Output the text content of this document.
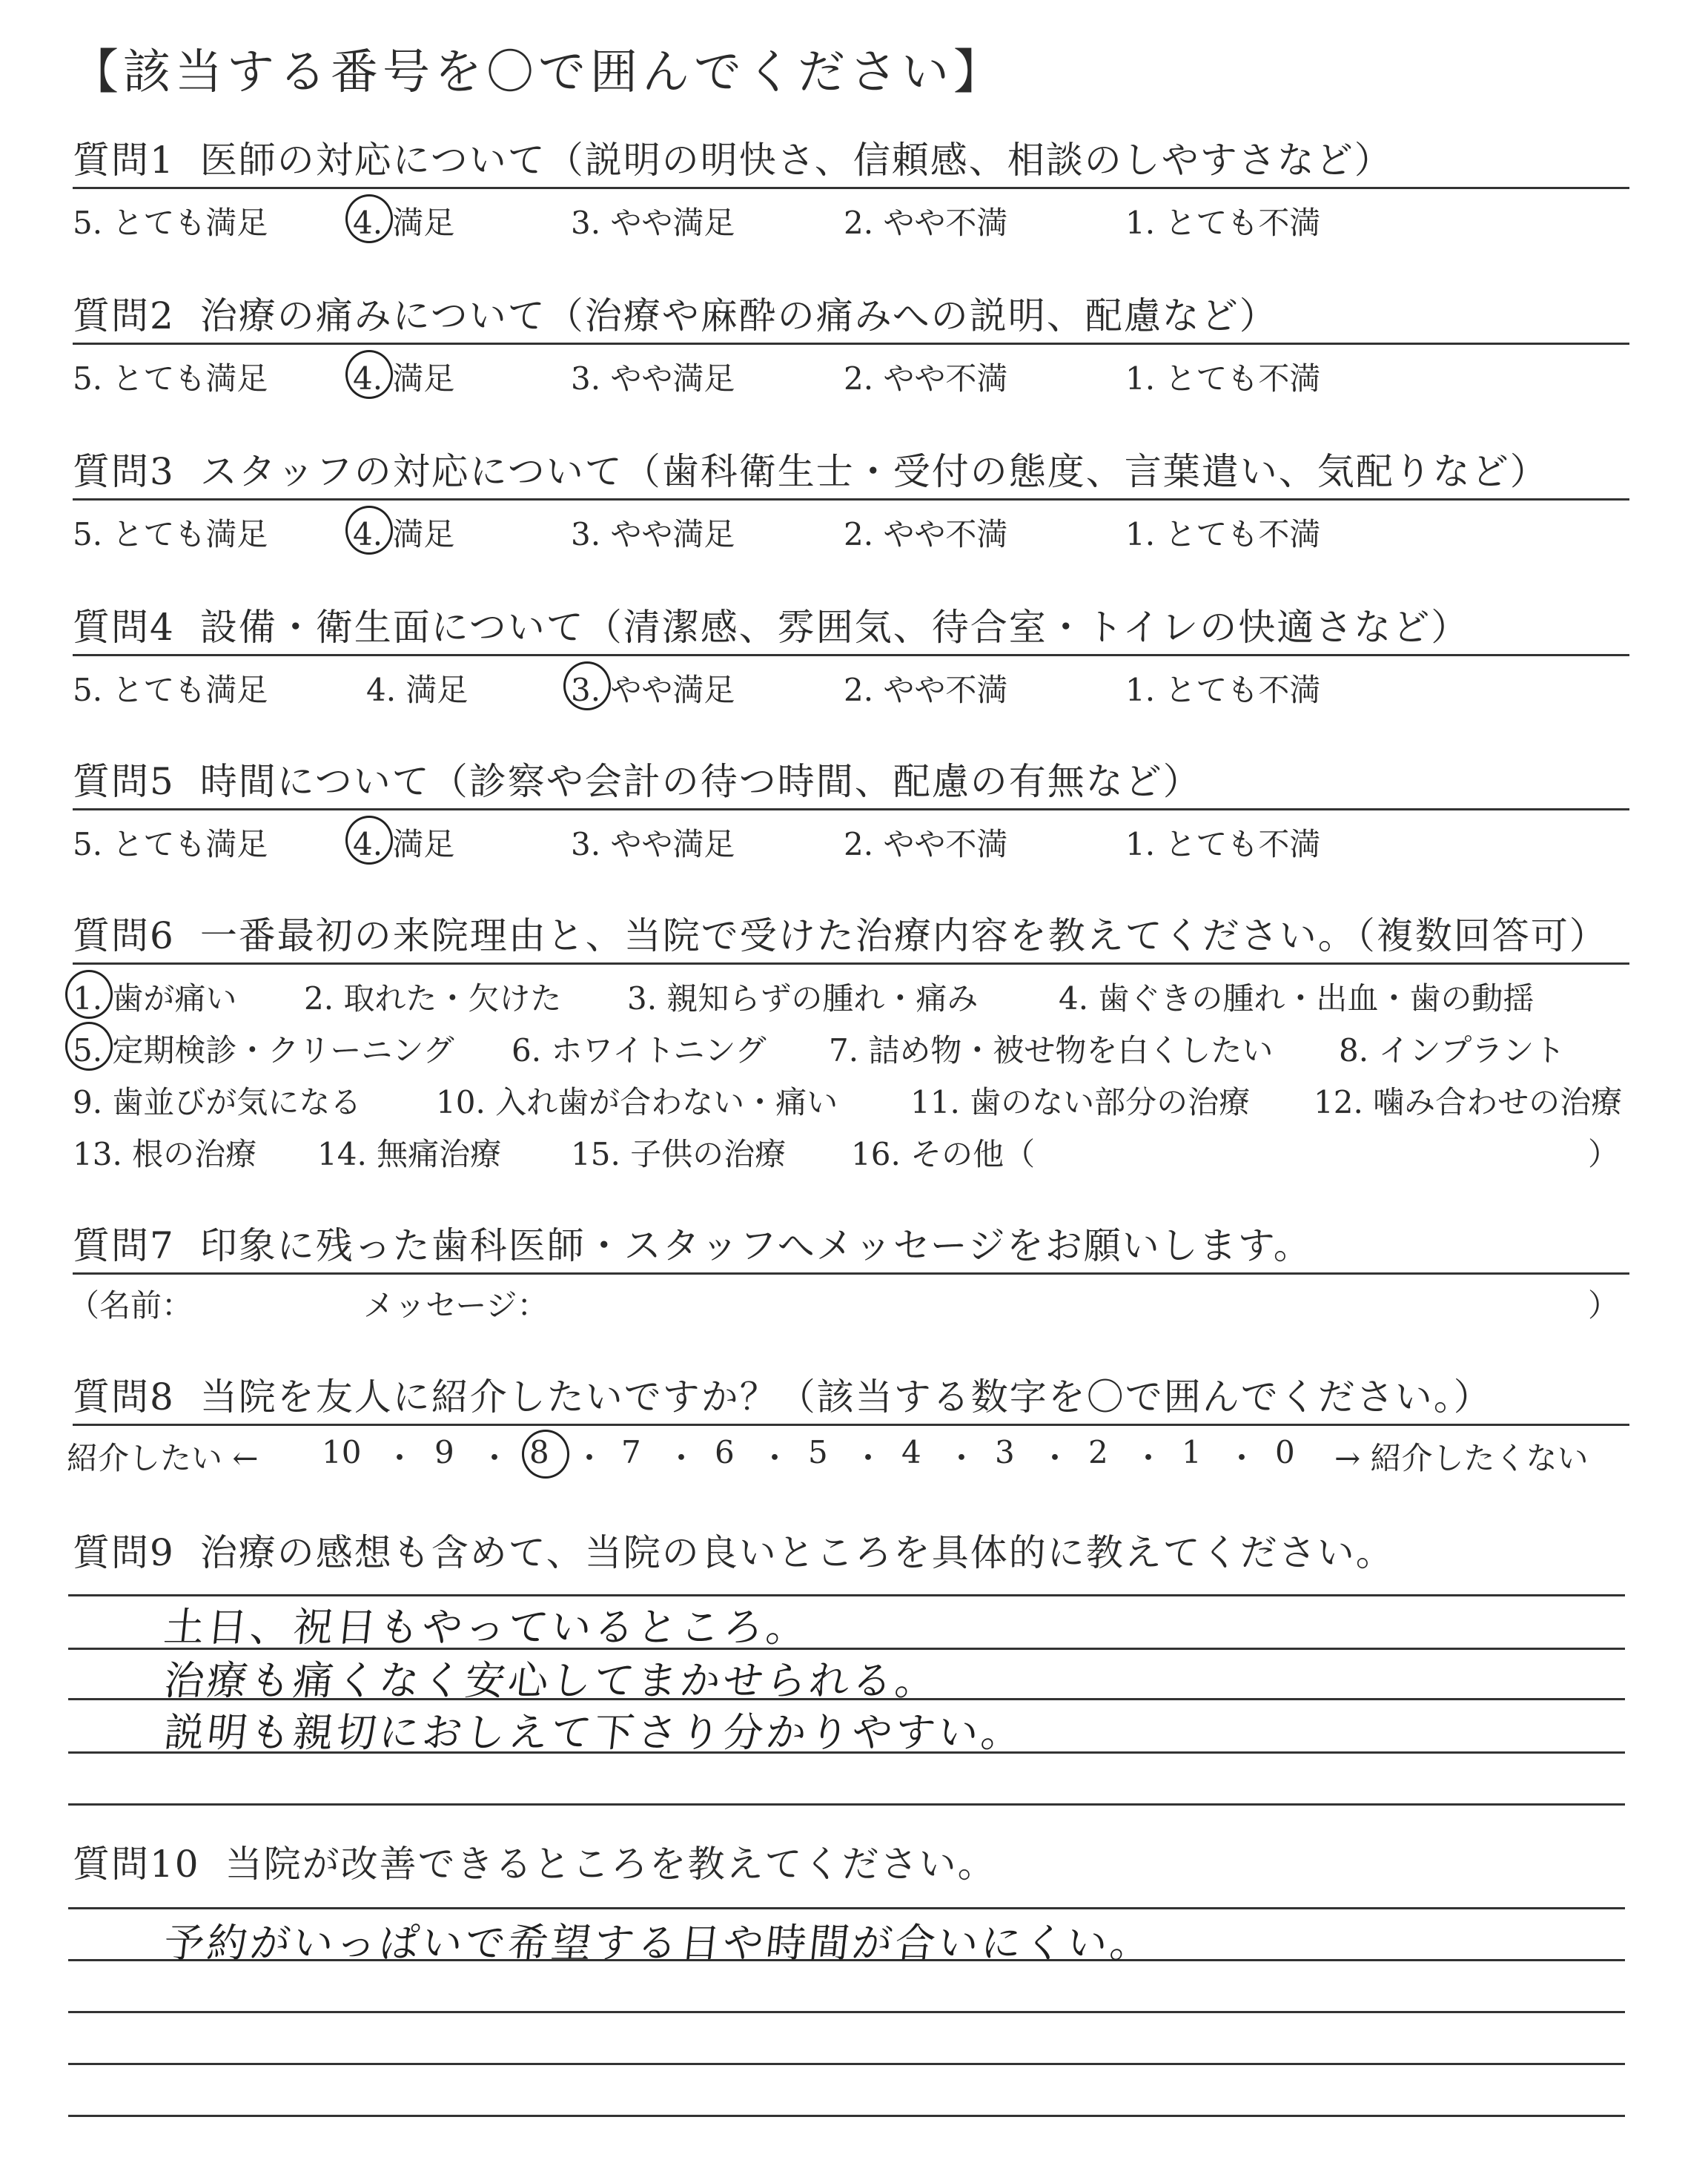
【該当する番号を〇で囲んでください】
質問1 医師の対応について（説明の明快さ、信頼感、相談のしやすさなど）
5. とても満足	4. 満足	3. やや満足	2. やや不満	1. とても不満
質問2 治療の痛みについて（治療や麻酔の痛みへの説明、配慮など）
5. とても満足	4. 満足	3. やや満足	2. やや不満	1. とても不満
質問3 スタッフの対応について（歯科衛生士・受付の態度、言葉遣い、気配りなど）
5. とても満足	4. 満足	3. やや満足	2. やや不満	1. とても不満
質問4 設備・衛生面について（清潔感、雰囲気、待合室・トイレの快適さなど）
5. とても満足	4. 満足	3. やや満足	2. やや不満	1. とても不満
質問5 時間について（診察や会計の待つ時間、配慮の有無など）
5. とても満足	4. 満足	3. やや満足	2. やや不満	1. とても不満
質問6 一番最初の来院理由と、当院で受けた治療内容を教えてください。（複数回答可）
1. 歯が痛い 2. 取れた・欠けた 3. 親知らずの腫れ・痛み	4. 歯ぐきの腫れ・出血・歯の動揺
5. 定期検診・クリーニング 6. ホワイトニング 7. 詰め物・被せ物を白くしたい 8. インプラント
9. 歯並びが気になる 10. 入れ歯が合わない・痛い 11. 歯のない部分の治療 12. 噛み合わせの治療
13. 根の治療 14. 無痛治療 15. 子供の治療 16. その他（	）
質問7 印象に残った歯科医師・スタッフへメッセージをお願いします。
（名前：	メッセージ：	）
質問8 当院を友人に紹介したいですか？（該当する数字を〇で囲んでください。）
紹介したい ← 10 ・ 9 ・ 8 ・ 7 ・ 6 ・ 5 ・ 4 ・ 3 ・ 2 ・ 1 ・ 0 → 紹介したくない
質問9 治療の感想も含めて、当院の良いところを具体的に教えてください。
土日、祝日もやっているところ。
治療も痛くなく安心してまかせられる。
説明も親切におしえて下さり分かりやすい。
質問10 当院が改善できるところを教えてください。
予約がいっぱいで希望する日や時間が合いにくい。
